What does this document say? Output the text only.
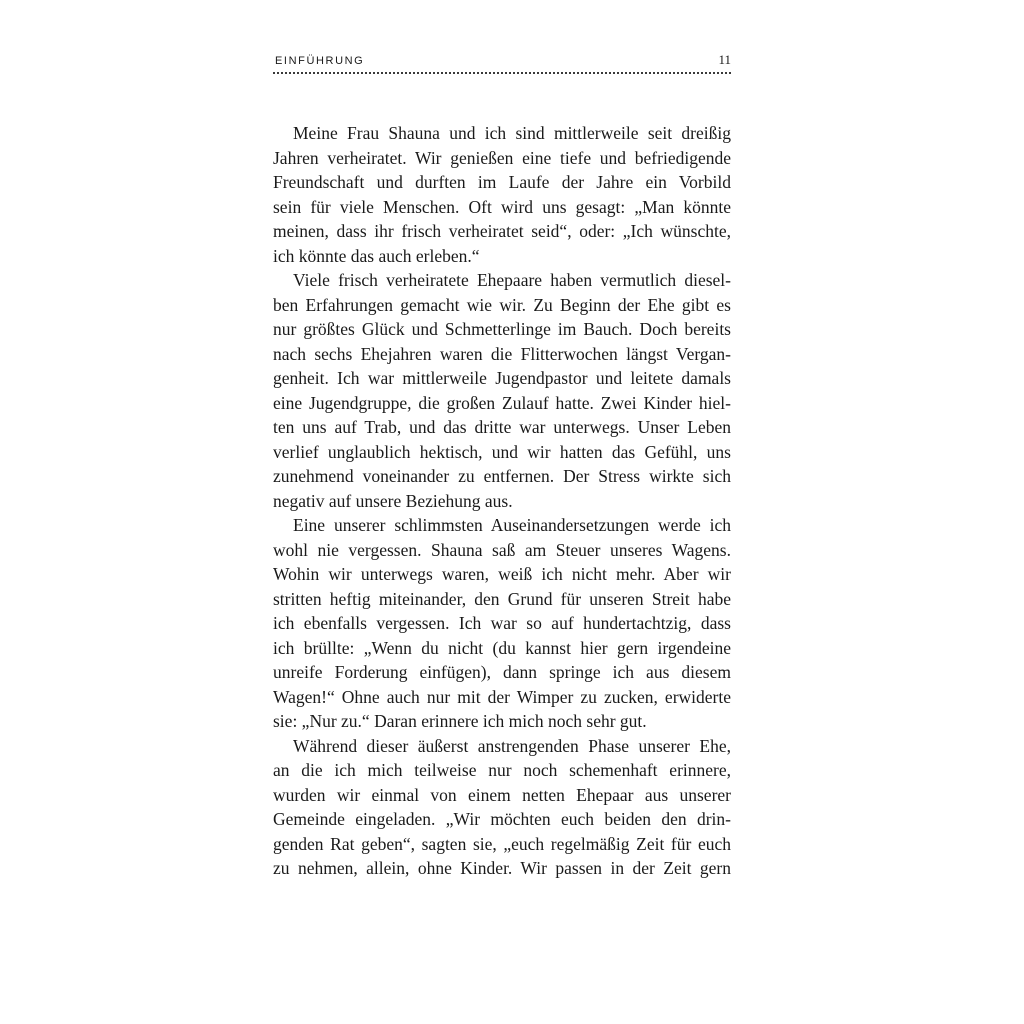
EINFÜHRUNG	11
Meine Frau Shauna und ich sind mittlerweile seit dreißig
Jahren verheiratet. Wir genießen eine tiefe und befriedigende
Freundschaft und durften im Laufe der Jahre ein Vorbild
sein für viele Menschen. Oft wird uns gesagt: „Man könnte
meinen, dass ihr frisch verheiratet seid“, oder: „Ich wünschte,
ich könnte das auch erleben.“
Viele frisch verheiratete Ehepaare haben vermutlich diesel-
ben Erfahrungen gemacht wie wir. Zu Beginn der Ehe gibt es
nur größtes Glück und Schmetterlinge im Bauch. Doch bereits
nach sechs Ehejahren waren die Flitterwochen längst Vergan-
genheit. Ich war mittlerweile Jugendpastor und leitete damals
eine Jugendgruppe, die großen Zulauf hatte. Zwei Kinder hiel-
ten uns auf Trab, und das dritte war unterwegs. Unser Leben
verlief unglaublich hektisch, und wir hatten das Gefühl, uns
zunehmend voneinander zu entfernen. Der Stress wirkte sich
negativ auf unsere Beziehung aus.
Eine unserer schlimmsten Auseinandersetzungen werde ich
wohl nie vergessen. Shauna saß am Steuer unseres Wagens.
Wohin wir unterwegs waren, weiß ich nicht mehr. Aber wir
stritten heftig miteinander, den Grund für unseren Streit habe
ich ebenfalls vergessen. Ich war so auf hundertachtzig, dass
ich brüllte: „Wenn du nicht (du kannst hier gern irgendeine
unreife Forderung einfügen), dann springe ich aus diesem
Wagen!“ Ohne auch nur mit der Wimper zu zucken, erwiderte
sie: „Nur zu.“ Daran erinnere ich mich noch sehr gut.
Während dieser äußerst anstrengenden Phase unserer Ehe,
an die ich mich teilweise nur noch schemenhaft erinnere,
wurden wir einmal von einem netten Ehepaar aus unserer
Gemeinde eingeladen. „Wir möchten euch beiden den drin-
genden Rat geben“, sagten sie, „euch regelmäßig Zeit für euch
zu nehmen, allein, ohne Kinder. Wir passen in der Zeit gern
